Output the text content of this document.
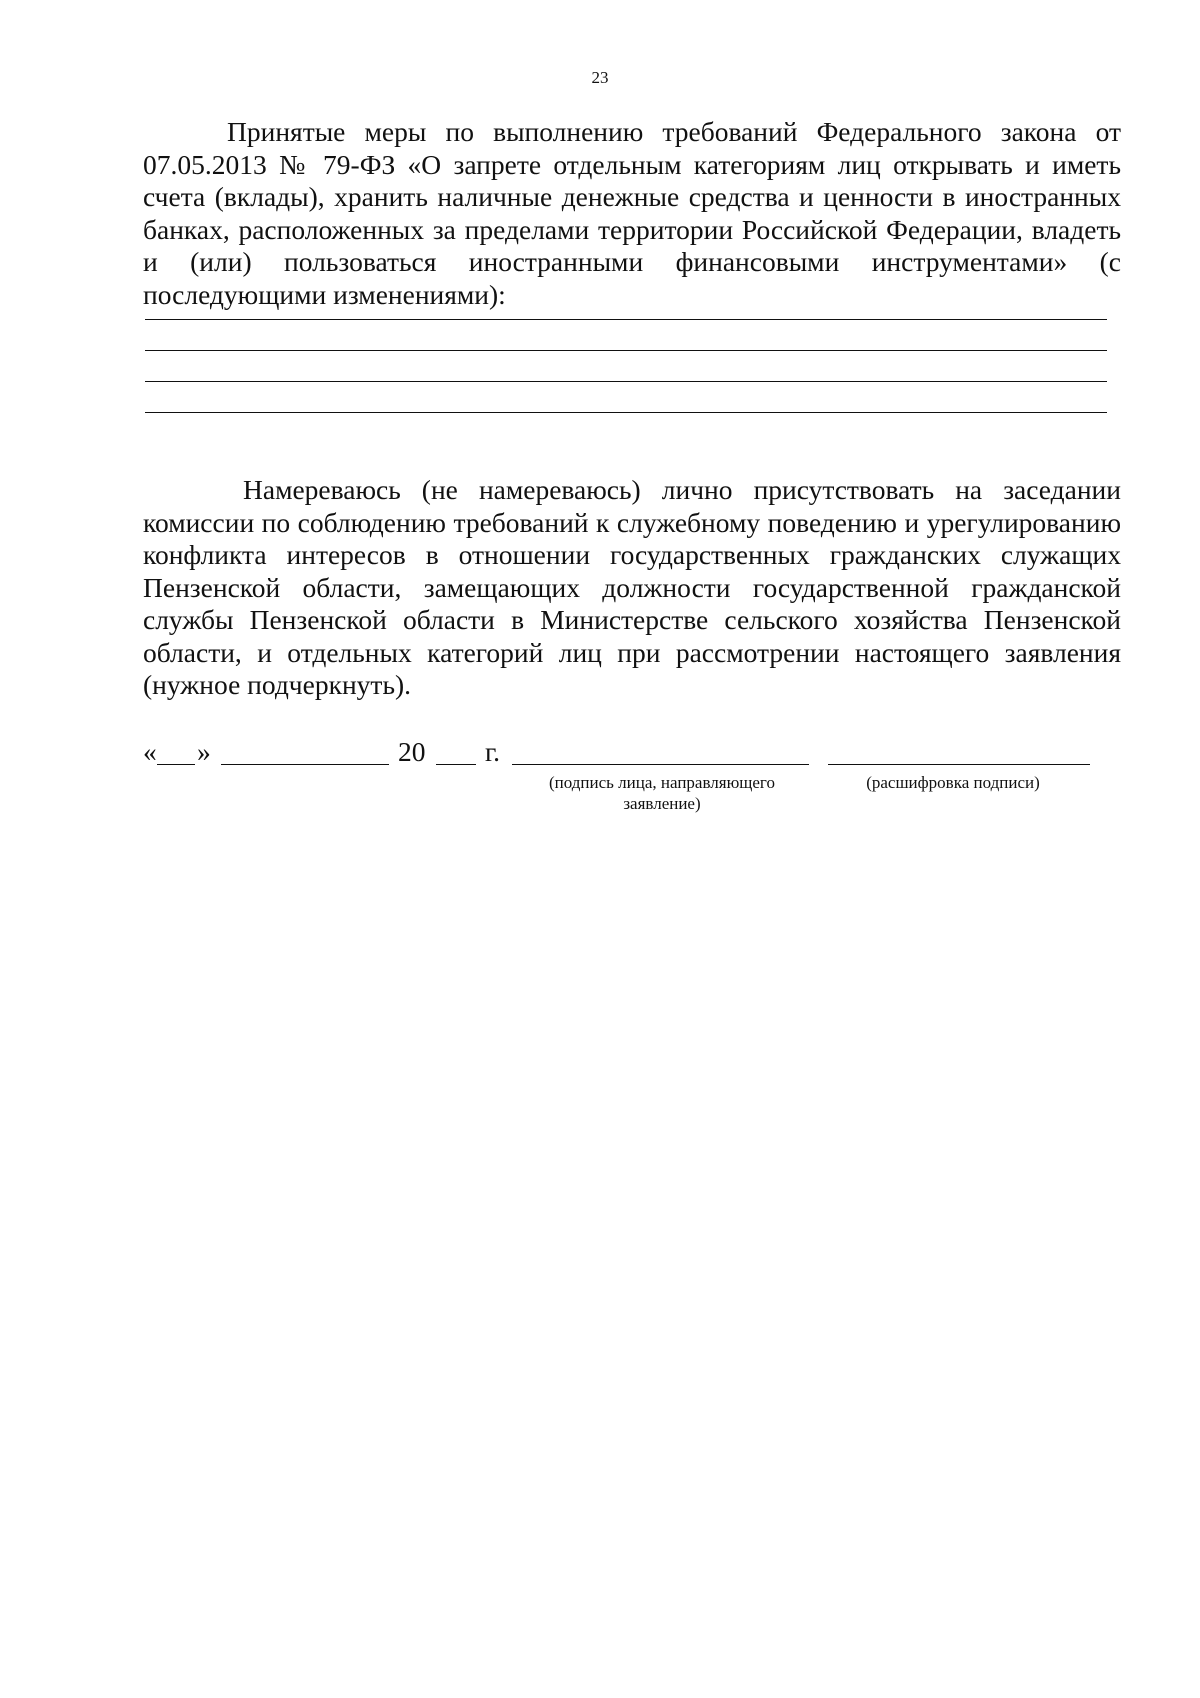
23
Принятые меры по выполнению требований Федерального закона от 07.05.2013 № 79-ФЗ «О запрете отдельным категориям лиц открывать и иметь счета (вклады), хранить наличные денежные средства и ценности в иностранных банках, расположенных за пределами территории Российской Федерации, владеть и (или) пользоваться иностранными финансовыми инструментами» (с последующими изменениями):
Намереваюсь (не намереваюсь) лично присутствовать на заседании комиссии по соблюдению требований к служебному поведению и урегулированию конфликта интересов в отношении государственных гражданских служащих Пензенской области, замещающих должности государственной гражданской службы Пензенской области в Министерстве сельского хозяйства Пензенской области, и отдельных категорий лиц при рассмотрении настоящего заявления (нужное подчеркнуть).
« »	20 г.
(подпись лица, направляющего
заявление)
(расшифровка подписи)
